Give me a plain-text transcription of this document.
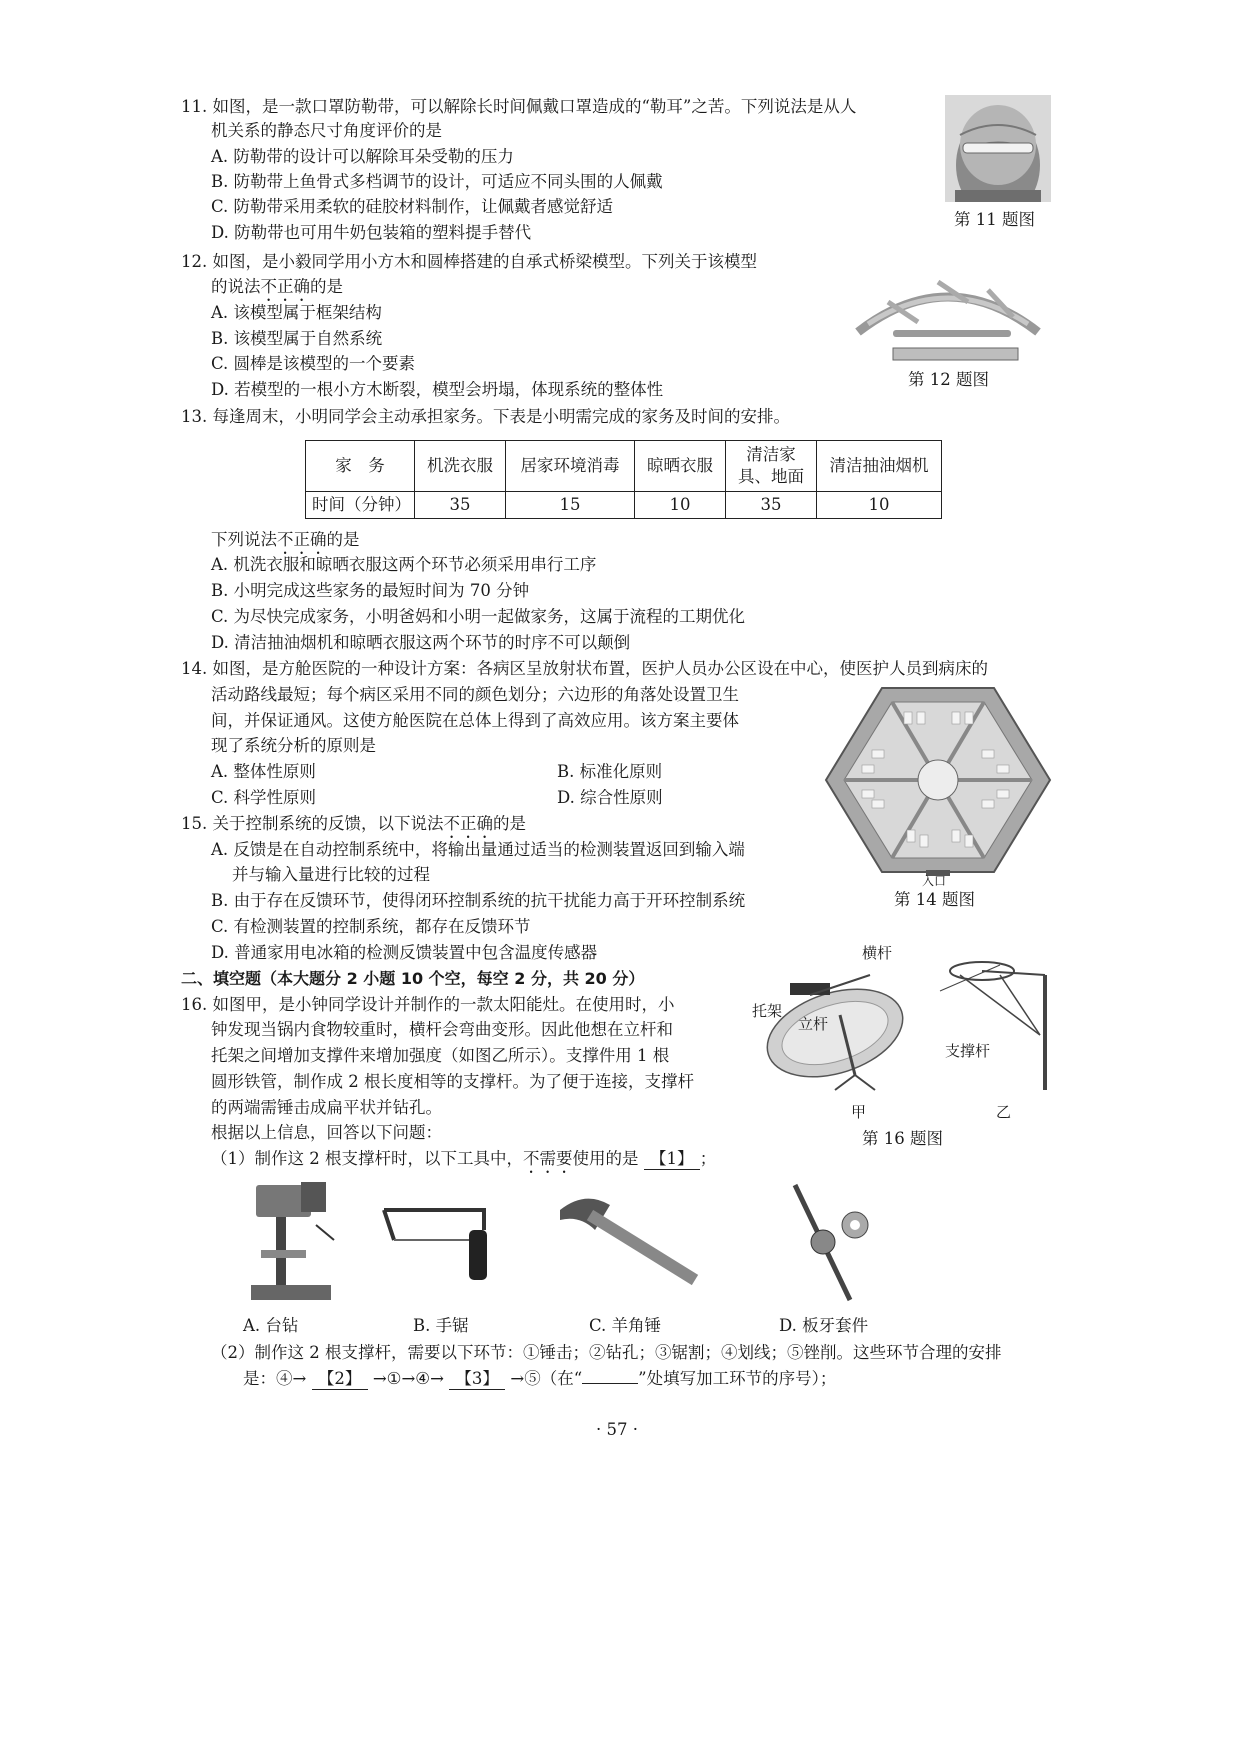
11. 如图，是一款口罩防勒带，可以解除长时间佩戴口罩造成的“勒耳”之苦。下列说法是从人
机关系的静态尺寸角度评价的是
A. 防勒带的设计可以解除耳朵受勒的压力
B. 防勒带上鱼骨式多档调节的设计，可适应不同头围的人佩戴
C. 防勒带采用柔软的硅胶材料制作，让佩戴者感觉舒适
D. 防勒带也可用牛奶包装箱的塑料提手替代
第 11 题图
12. 如图，是小毅同学用小方木和圆棒搭建的自承式桥梁模型。下列关于该模型
的说法不正确的是
A. 该模型属于框架结构
B. 该模型属于自然系统
C. 圆棒是该模型的一个要素
D. 若模型的一根小方木断裂，模型会坍塌，体现系统的整体性
第 12 题图
13. 每逢周末，小明同学会主动承担家务。下表是小明需完成的家务及时间的安排。
家　务	机洗衣服	居家环境消毒	晾晒衣服	清洁家具、地面	清洁抽油烟机
时间（分钟）	35	15	10	35	10
下列说法不正确的是
A. 机洗衣服和晾晒衣服这两个环节必须采用串行工序
B. 小明完成这些家务的最短时间为 70 分钟
C. 为尽快完成家务，小明爸妈和小明一起做家务，这属于流程的工期优化
D. 清洁抽油烟机和晾晒衣服这两个环节的时序不可以颠倒
14. 如图，是方舱医院的一种设计方案：各病区呈放射状布置，医护人员办公区设在中心，使医护人员到病床的
活动路线最短；每个病区采用不同的颜色划分；六边形的角落处设置卫生
间，并保证通风。这使方舱医院在总体上得到了高效应用。该方案主要体
现了系统分析的原则是
A. 整体性原则	B. 标准化原则
C. 科学性原则	D. 综合性原则
入口
第 14 题图
15. 关于控制系统的反馈，以下说法不正确的是
A. 反馈是在自动控制系统中，将输出量通过适当的检测装置返回到输入端
并与输入量进行比较的过程
B. 由于存在反馈环节，使得闭环控制系统的抗干扰能力高于开环控制系统
C. 有检测装置的控制系统，都存在反馈环节
D. 普通家用电冰箱的检测反馈装置中包含温度传感器
二、填空题（本大题分 2 小题 10 个空，每空 2 分，共 20 分）
16. 如图甲，是小钟同学设计并制作的一款太阳能灶。在使用时，小
钟发现当锅内食物较重时，横杆会弯曲变形。因此他想在立杆和
托架之间增加支撑件来增加强度（如图乙所示）。支撑件用 1 根
圆形铁管，制作成 2 根长度相等的支撑杆。为了便于连接，支撑杆
的两端需锤击成扁平状并钻孔。
根据以上信息，回答以下问题：
（1）制作这 2 根支撑杆时，以下工具中，不需要使用的是 【1】 ；
横杆
托架
立杆
支撑杆
甲	乙
第 16 题图
A. 台钻	B. 手锯	C. 羊角锤	D. 板牙套件
（2）制作这 2 根支撑杆，需要以下环节：①锤击；②钻孔；③锯割；④划线；⑤锉削。这些环节合理的安排
是：④→ 【2】 →①→④→ 【3】 →⑤（在“	”处填写加工环节的序号）；
· 57 ·
